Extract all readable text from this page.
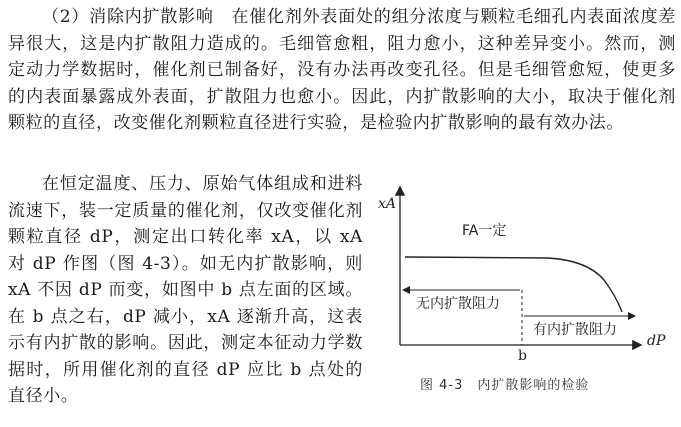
（2）消除内扩散影响　在催化剂外表面处的组分浓度与颗粒毛细孔内表面浓度差异很大，这是内扩散阻力造成的。毛细管愈粗，阻力愈小，这种差异变小。然而，测定动力学数据时，催化剂已制备好，没有办法再改变孔径。但是毛细管愈短，使更多的内表面暴露成外表面，扩散阻力也愈小。因此，内扩散影响的大小，取决于催化剂颗粒的直径，改变催化剂颗粒直径进行实验，是检验内扩散影响的最有效办法。

在恒定温度、压力、原始气体组成和进料流速下，装一定质量的催化剂，仅改变催化剂颗粒直径 dP，测定出口转化率 xA，以 xA 对 dP 作图（图 4-3）。如无内扩散影响，则 xA 不因 dP 而变，如图中 b 点左面的区域。在 b 点之右，dP 减小，xA 逐渐升高，这表示有内扩散的影响。因此，测定本征动力学数据时，所用催化剂的直径 dP 应比 b 点处的直径小。

xA
dP
FA一定
无内扩散阻力
有内扩散阻力
b
图 4-3　内扩散影响的检验
